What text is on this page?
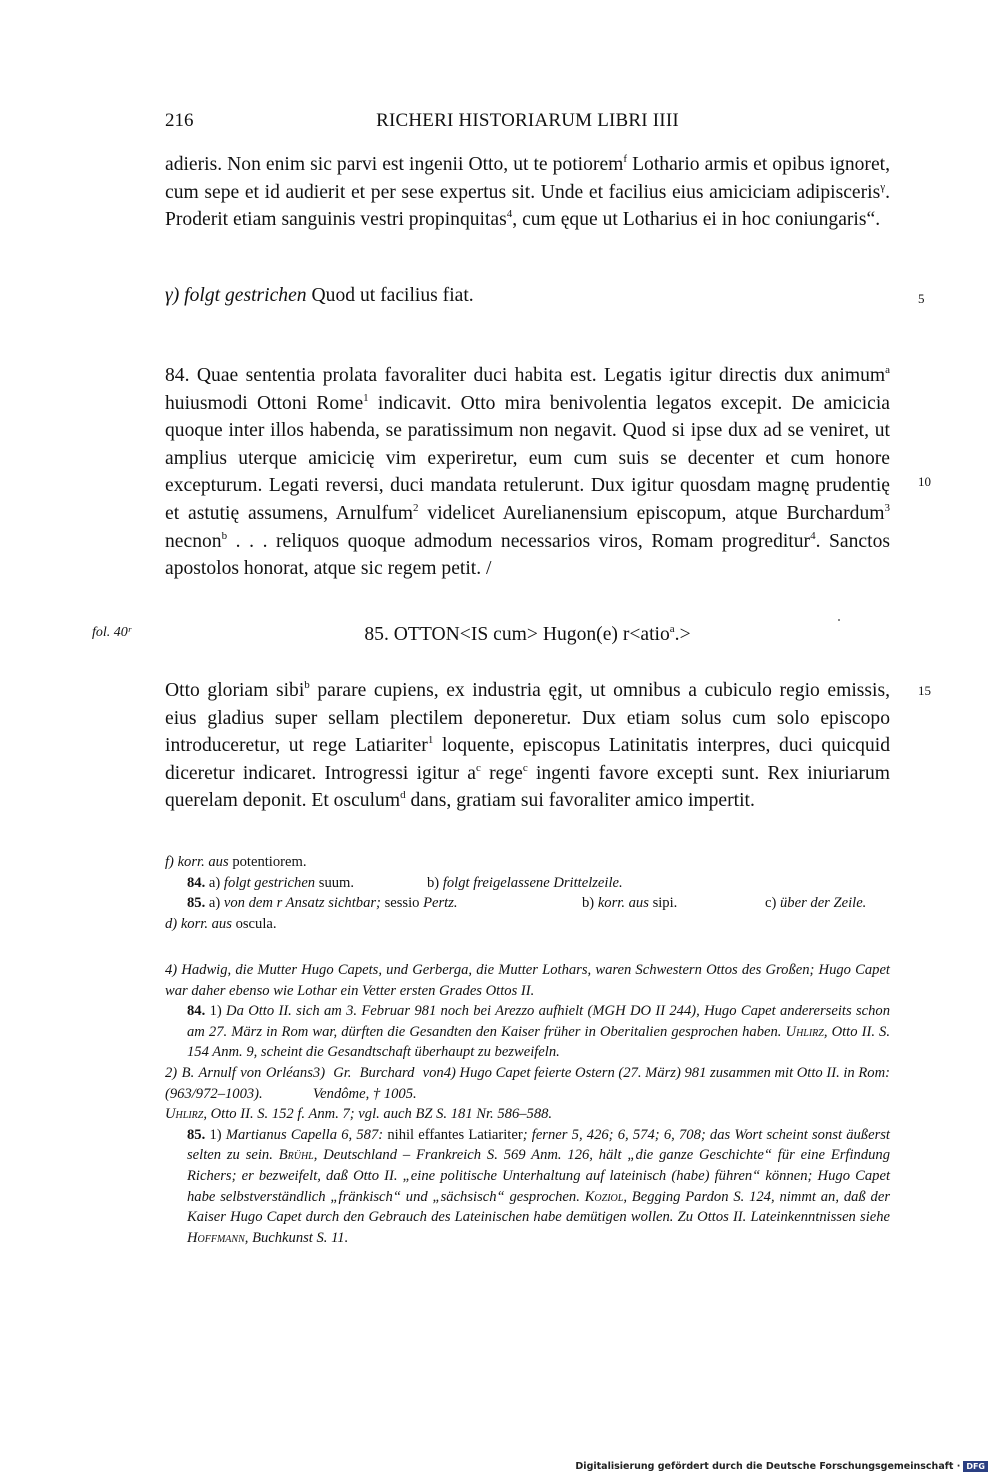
216	RICHERI HISTORIARUM LIBRI IIII

adieris. Non enim sic parvi est ingenii Otto, ut te potiorem$^f$ Lothario armis et opibus ignoret, cum sepe et id audierit et per sese expertus sit. Unde et facilius eius amiciciam adipisceris$^\gamma$. Proderit etiam sanguinis vestri propinquitas$^4$, cum ęque ut Lotharius ei in hoc coniungaris“.

γ) folgt gestrichen Quod ut facilius fiat.	5

84. Quae sententia prolata favoraliter duci habita est. Legatis igitur directis dux animum$^a$ huiusmodi Ottoni Rome$^1$ indicavit. Otto mira benivolentia legatos excepit. De amicicia quoque inter illos habenda, se paratissimum non negavit. Quod si ipse dux ad se veniret, ut amplius uterque amicicię vim experiretur, eum cum suis se decenter et cum honore excepturum. Legati reversi, duci mandata retulerunt. Dux igitur quosdam magnę prudentię et astutię assumens, Arnulfum$^2$ videlicet Aurelianensium episcopum, atque Burchardum$^3$ necnon$^b$ . . . reliquos quoque admodum necessarios viros, Romam progreditur$^4$. Sanctos apostolos honorat, atque sic regem petit. /

10
fol. 40ʳ	85. OTTON<IS cum> Hugon(e) r<atio$^a$.>

Otto gloriam sibi$^b$ parare cupiens, ex industria ęgit, ut omnibus a cubiculo regio emissis, eius gladius super sellam plectilem deponeretur. Dux etiam solus cum solo episcopo introduceretur, ut rege Latiariter$^1$ loquente, episcopus Latinitatis interpres, duci quicquid diceretur indicaret. Introgressi igitur $a^c$ rege$^c$ ingenti favore excepti sunt. Rex iniuriarum querelam deponit. Et osculum$^d$ dans, gratiam sui favoraliter amico impertit.

15

f) korr. aus potentiorem.

84. a) folgt gestrichen suum.	b) folgt freigelassene Drittelzeile.

85. a) von dem r Ansatz sichtbar; sessio Pertz.	b) korr. aus sipi.	c) über der Zeile.

d) korr. aus oscula.

4) Hadwig, die Mutter Hugo Capets, und Gerberga, die Mutter Lothars, waren Schwestern Ottos des Großen; Hugo Capet war daher ebenso wie Lothar ein Vetter ersten Grades Ottos II.

84. 1) Da Otto II. sich am 3. Februar 981 noch bei Arezzo aufhielt (MGH DO II 244), Hugo Capet andererseits schon am 27. März in Rom war, dürften die Gesandten den Kaiser früher in Oberitalien gesprochen haben. Uhlirz, Otto II. S. 154 Anm. 9, scheint die Gesandtschaft überhaupt zu bezweifeln.

2) B. Arnulf von Orléans (963/972–1003).
3) Gr. Burchard von Vendôme, † 1005.
4) Hugo Capet feierte Ostern (27. März) 981 zusammen mit Otto II. in Rom:

Uhlirz, Otto II. S. 152 f. Anm. 7; vgl. auch BZ S. 181 Nr. 586–588.

85. 1) Martianus Capella 6, 587: nihil effantes Latiariter; ferner 5, 426; 6, 574; 6, 708; das Wort scheint sonst äußerst selten zu sein. Brühl, Deutschland – Frankreich S. 569 Anm. 126, hält „die ganze Geschichte“ für eine Erfindung Richers; er bezweifelt, daß Otto II. „eine politische Unterhaltung auf lateinisch (habe) führen“ können; Hugo Capet habe selbstverständlich „fränkisch“ und „sächsisch“ gesprochen. Koziol, Begging Pardon S. 124, nimmt an, daß der Kaiser Hugo Capet durch den Gebrauch des Lateinischen habe demütigen wollen. Zu Ottos II. Lateinkenntnissen siehe Hoffmann, Buchkunst S. 11.

Digitalisierung gefördert durch die Deutsche Forschungsgemeinschaft · DFG
